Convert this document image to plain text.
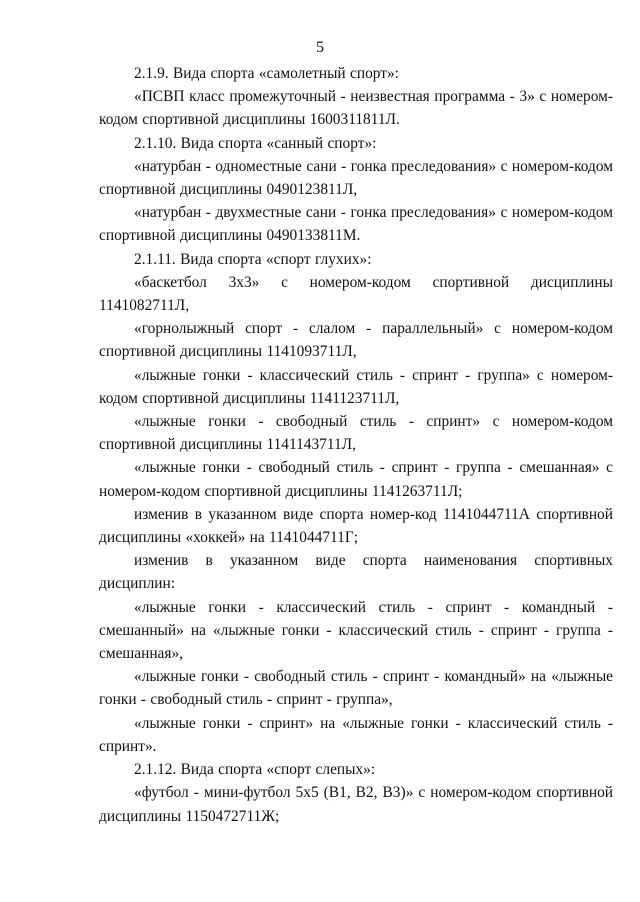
5

2.1.9. Вида спорта «самолетный спорт»:

«ПСВП класс промежуточный - неизвестная программа - 3» с номером-кодом спортивной дисциплины 1600311811Л.

2.1.10. Вида спорта «санный спорт»:

«натурбан - одноместные сани - гонка преследования» с номером-кодом спортивной дисциплины 0490123811Л,

«натурбан - двухместные сани - гонка преследования» с номером-кодом спортивной дисциплины 0490133811М.

2.1.11. Вида спорта «спорт глухих»:

«баскетбол 3х3» с номером-кодом спортивной дисциплины 1141082711Л,

«горнолыжный спорт - слалом - параллельный» с номером-кодом спортивной дисциплины 1141093711Л,

«лыжные гонки - классический стиль - спринт - группа» с номером-кодом спортивной дисциплины 1141123711Л,

«лыжные гонки - свободный стиль - спринт» с номером-кодом спортивной дисциплины 1141143711Л,

«лыжные гонки - свободный стиль - спринт - группа - смешанная» с номером-кодом спортивной дисциплины 1141263711Л;

изменив в указанном виде спорта номер-код 1141044711А спортивной дисциплины «хоккей» на 1141044711Г;

изменив в указанном виде спорта наименования спортивных дисциплин:

«лыжные гонки - классический стиль - спринт - командный - смешанный» на «лыжные гонки - классический стиль - спринт - группа - смешанная»,

«лыжные гонки - свободный стиль - спринт - командный» на «лыжные гонки - свободный стиль - спринт - группа»,

«лыжные гонки - спринт» на «лыжные гонки - классический стиль - спринт».

2.1.12. Вида спорта «спорт слепых»:

«футбол - мини-футбол 5х5 (В1, В2, В3)» с номером-кодом спортивной дисциплины 1150472711Ж;
